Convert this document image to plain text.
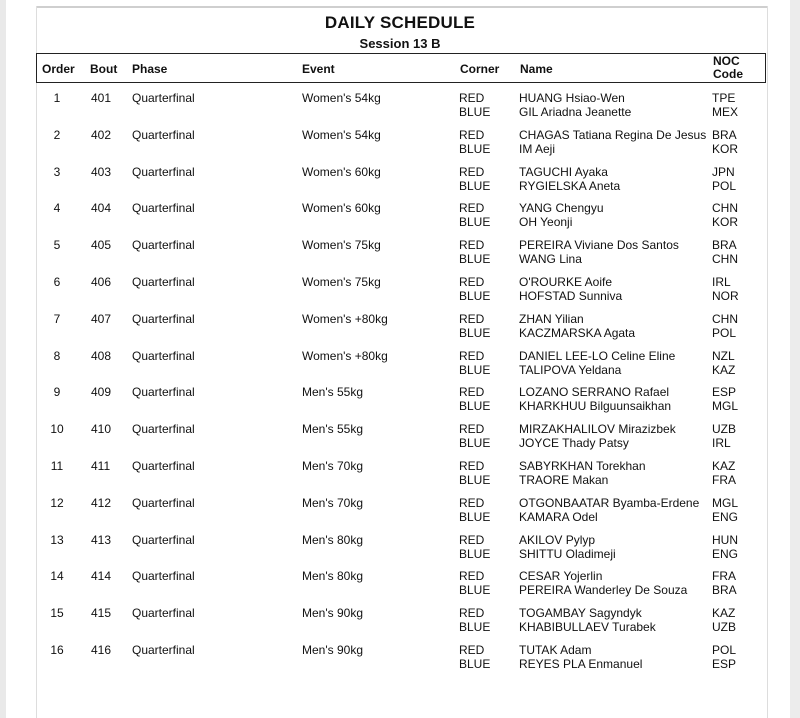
DAILY SCHEDULE
Session 13 B
Order Bout Phase	Event	Corner Name
NOC
Code
1	401 Quarterfinal	Women's 54kg	RED	HUANG Hsiao-Wen	TPE
BLUE GIL Ariadna Jeanette	MEX
2	402 Quarterfinal	Women's 54kg	RED	CHAGAS Tatiana Regina De Jesus BRA
BLUE IM Aeji	KOR
3	403 Quarterfinal	Women's 60kg	RED	TAGUCHI Ayaka	JPN
BLUE RYGIELSKA Aneta	POL
4	404 Quarterfinal	Women's 60kg	RED	YANG Chengyu	CHN
BLUE OH Yeonji	KOR
5	405 Quarterfinal	Women's 75kg	RED	PEREIRA Viviane Dos Santos	BRA
BLUE WANG Lina	CHN
6	406 Quarterfinal	Women's 75kg	RED	O'ROURKE Aoife	IRL
BLUE HOFSTAD Sunniva	NOR
7	407 Quarterfinal	Women's +80kg	RED	ZHAN Yilian	CHN
BLUE KACZMARSKA Agata	POL
8	408 Quarterfinal	Women's +80kg	RED	DANIEL LEE-LO Celine Eline	NZL
BLUE TALIPOVA Yeldana	KAZ
9	409 Quarterfinal	Men's 55kg	RED	LOZANO SERRANO Rafael	ESP
BLUE KHARKHUU Bilguunsaikhan	MGL
10	410 Quarterfinal	Men's 55kg	RED	MIRZAKHALILOV Mirazizbek	UZB
BLUE JOYCE Thady Patsy	IRL
11	411 Quarterfinal	Men's 70kg	RED	SABYRKHAN Torekhan	KAZ
BLUE TRAORE Makan	FRA
12	412 Quarterfinal	Men's 70kg	RED	OTGONBAATAR Byamba-Erdene MGL
BLUE KAMARA Odel	ENG
13	413 Quarterfinal	Men's 80kg	RED	AKILOV Pylyp	HUN
BLUE SHITTU Oladimeji	ENG
14	414 Quarterfinal	Men's 80kg	RED	CESAR Yojerlin	FRA
BLUE PEREIRA Wanderley De Souza BRA
15	415 Quarterfinal	Men's 90kg	RED	TOGAMBAY Sagyndyk	KAZ
BLUE KHABIBULLAEV Turabek	UZB
16	416 Quarterfinal	Men's 90kg	RED	TUTAK Adam	POL
BLUE REYES PLA Enmanuel	ESP
